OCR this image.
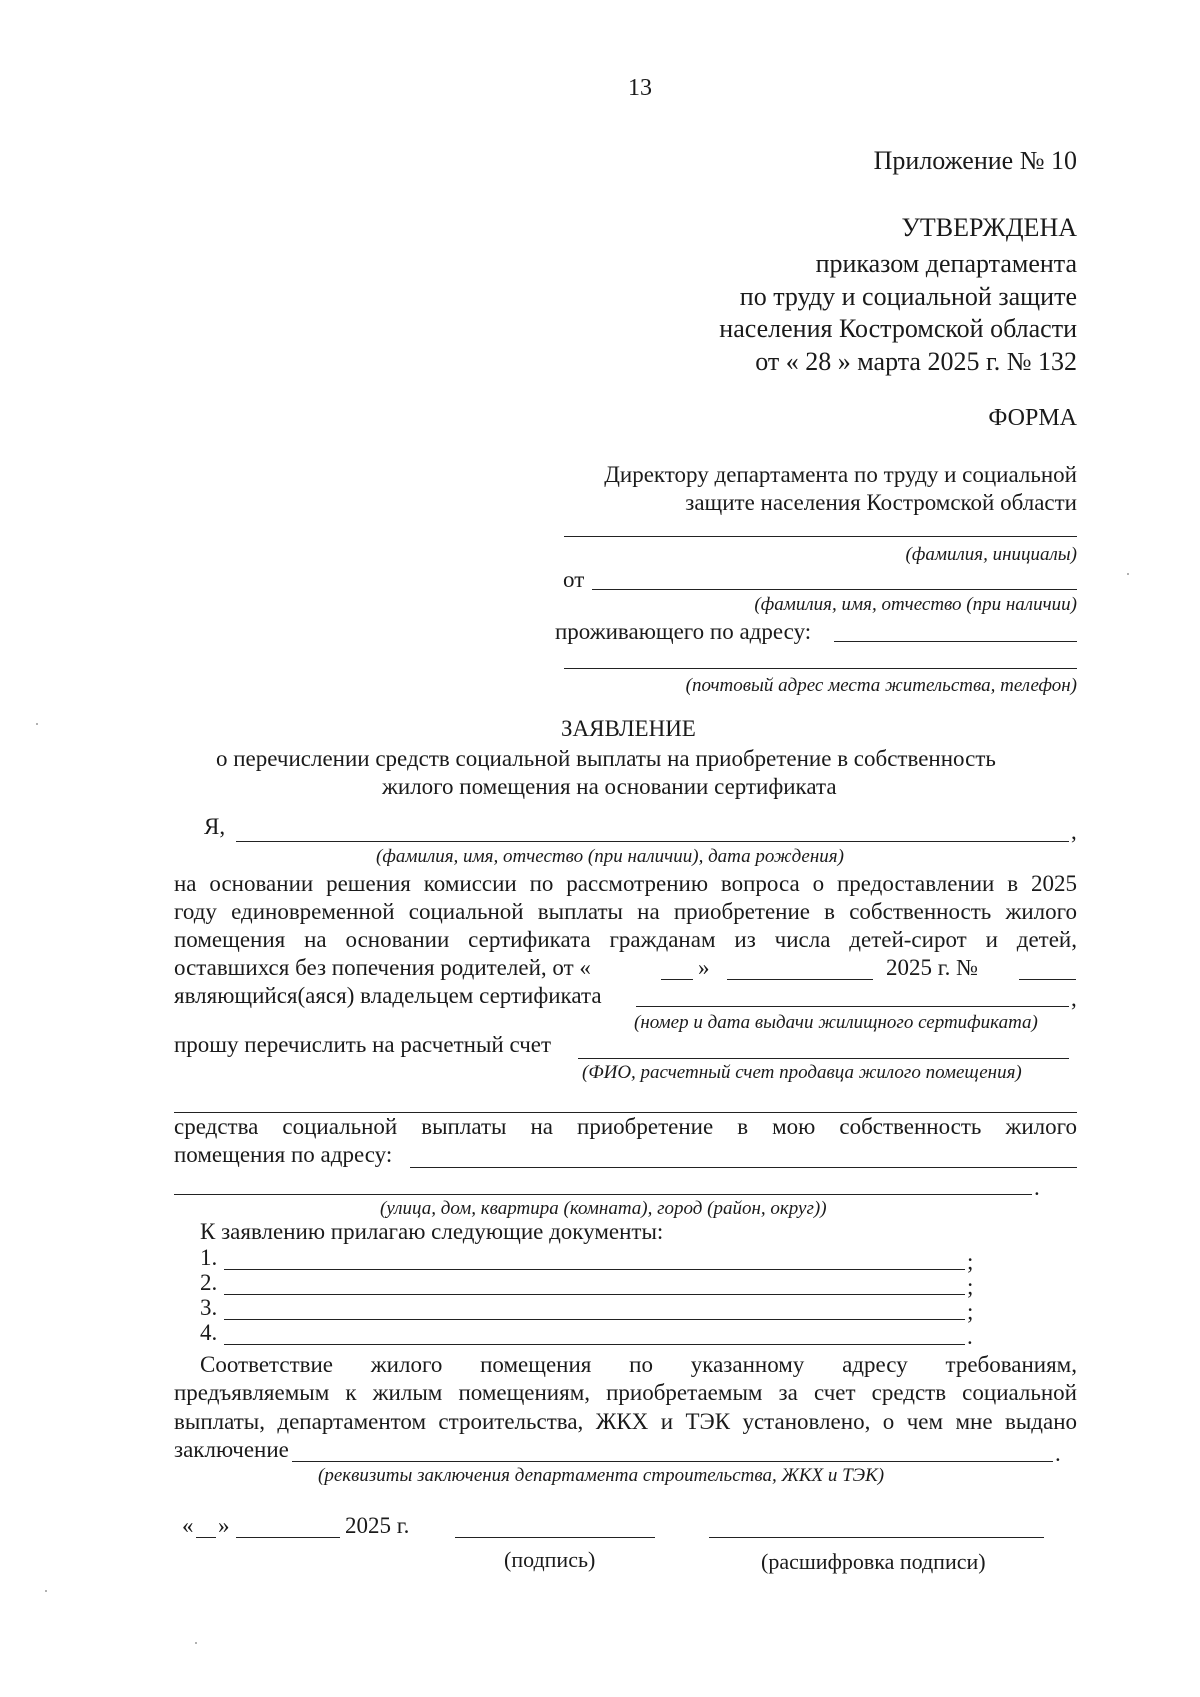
13
Приложение № 10
УТВЕРЖДЕНА
приказом департамента
по труду и социальной защите
населения Костромской области
от « 28 » марта 2025 г. № 132
ФОРМА
Директору департамента по труду и социальной
защите населения Костромской области
(фамилия, инициалы)
от
(фамилия, имя, отчество (при наличии)
проживающего по адресу:
(почтовый адрес места жительства, телефон)
ЗАЯВЛЕНИЕ
о перечислении средств социальной выплаты на приобретение в собственность
жилого помещения на основании сертификата
Я,	,
(фамилия, имя, отчество (при наличии), дата рождения)
на основании решения комиссии по рассмотрению вопроса о предоставлении в 2025
году единовременной социальной выплаты на приобретение в собственность жилого
помещения на основании сертификата гражданам из числа детей-сирот и детей,
оставшихся без попечения родителей, от «	»	2025 г. №
являющийся(аяся) владельцем сертификата	,
(номер и дата выдачи жилищного сертификата)
прошу перечислить на расчетный счет
(ФИО, расчетный счет продавца жилого помещения)
средства социальной выплаты на приобретение в мою собственность жилого
помещения по адресу:
.
(улица, дом, квартира (комната), город (район, округ))
К заявлению прилагаю следующие документы:
1.	;
2.	;
3.	;
4.	.
Соответствие жилого помещения по указанному адресу требованиям,
предъявляемым к жилым помещениям, приобретаемым за счет средств социальной
выплаты, департаментом строительства, ЖКХ и ТЭК установлено, о чем мне выдано
заключение	.
(реквизиты заключения департамента строительства, ЖКХ и ТЭК)
« »	2025 г.
(подпись)	(расшифровка подписи)
